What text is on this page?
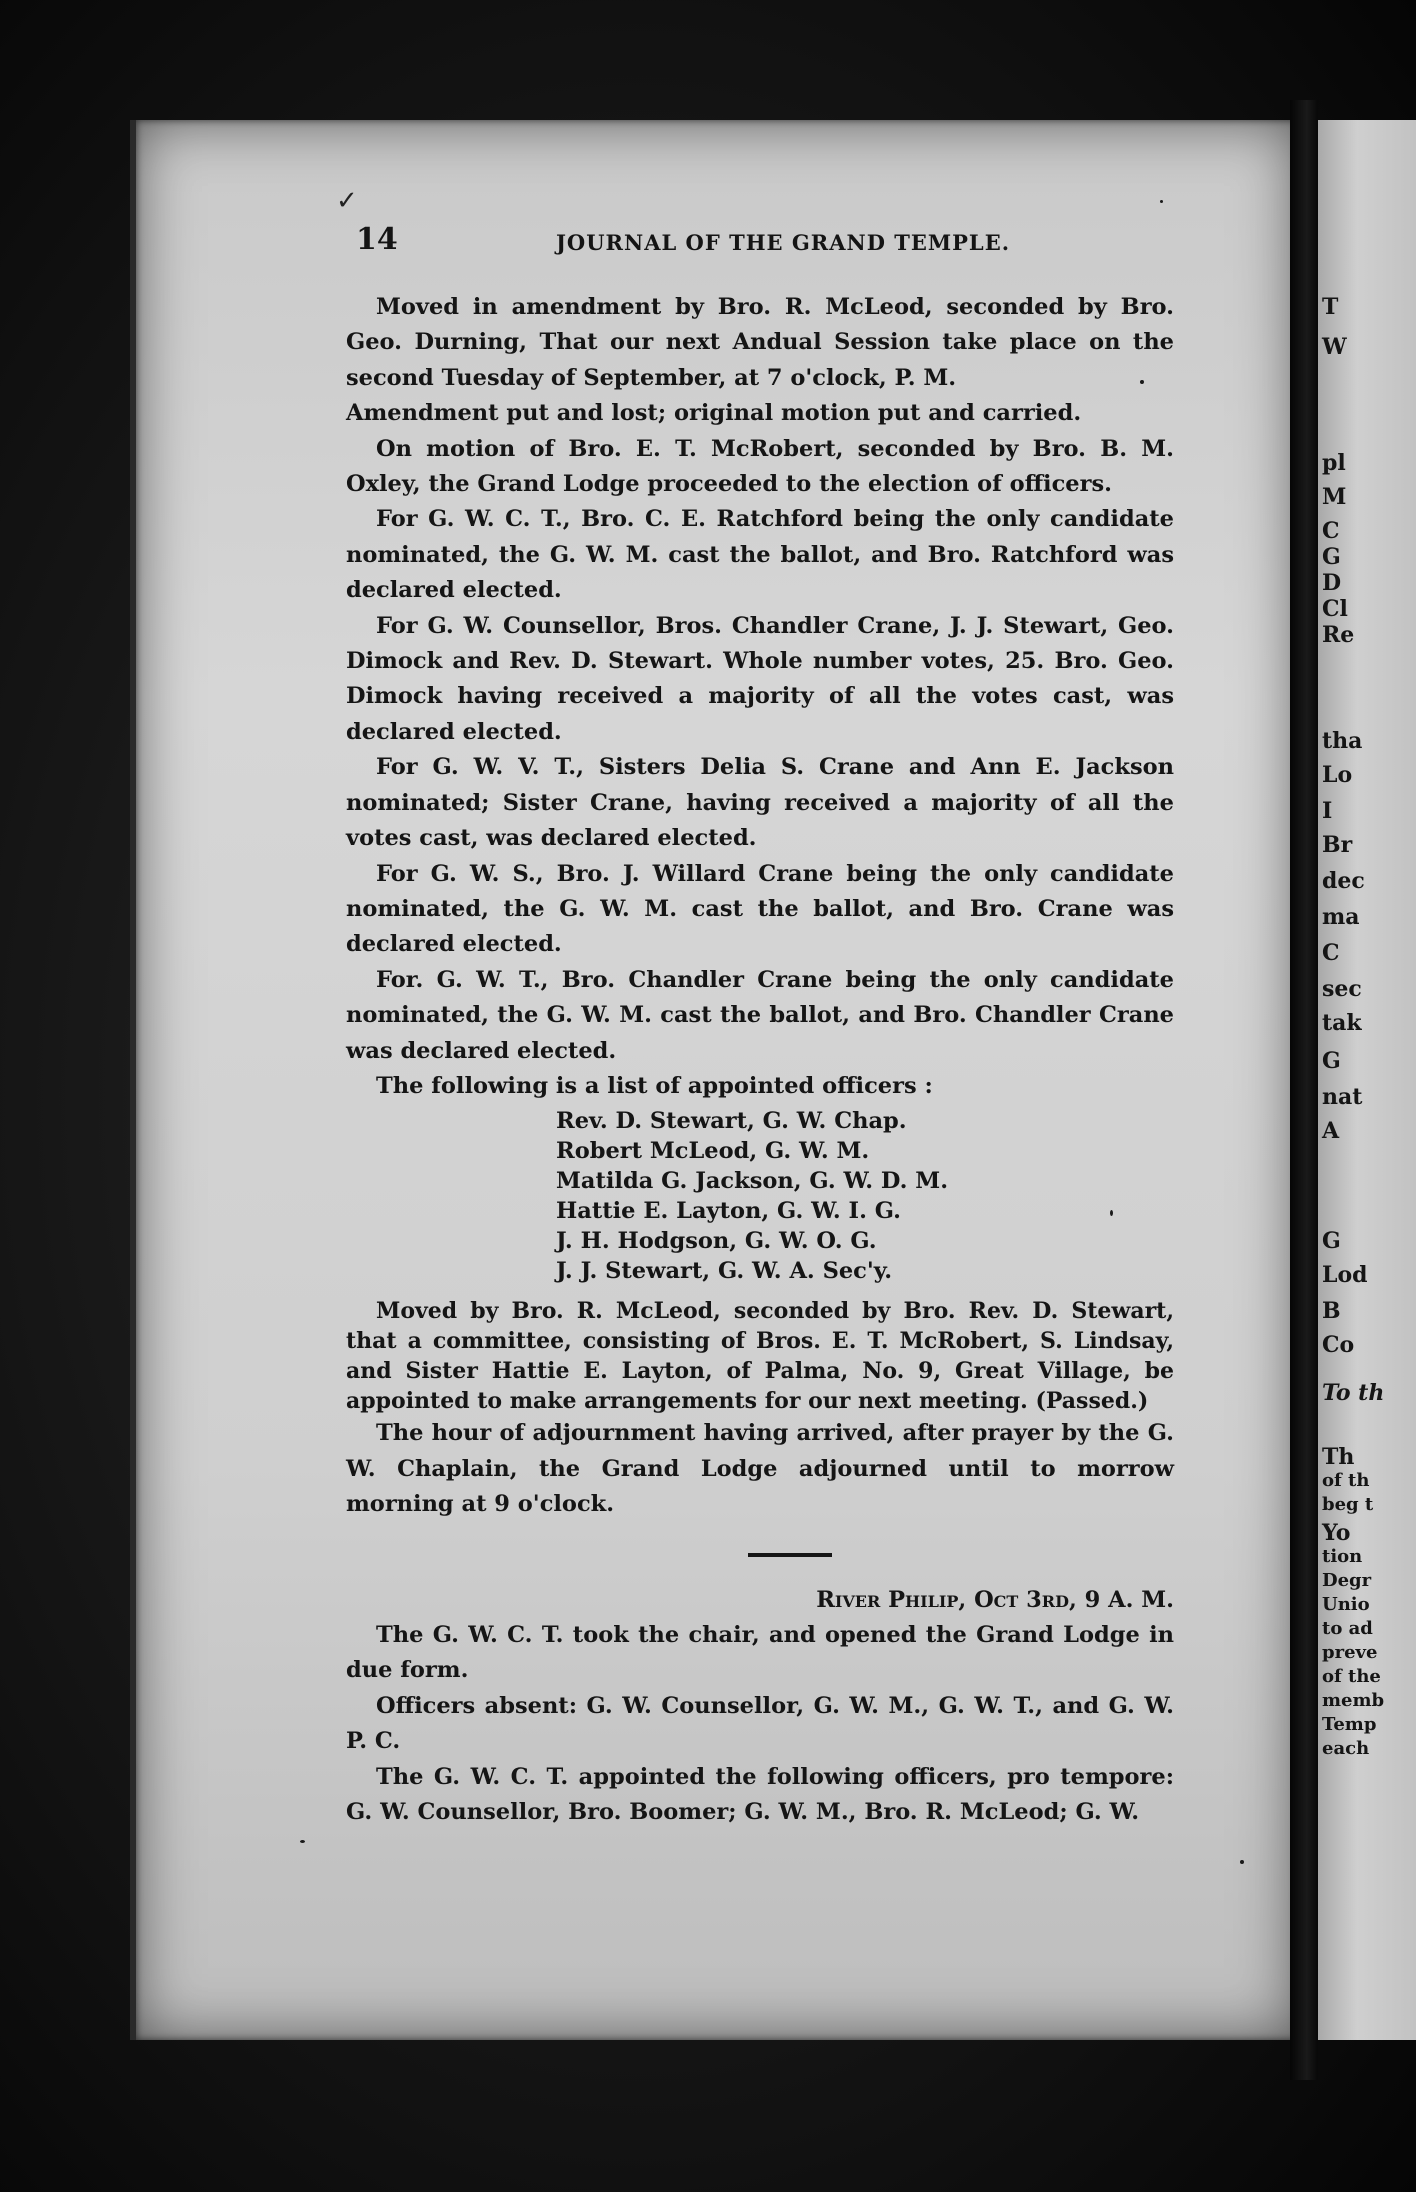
T
W
pl
M
C
G
D
Cl
Re
tha
Lo
I
Br
dec
ma
C
sec
tak
G
nat
A
G
Lod
B
Co
To th
Th
of th
beg t
Yo
tion
Degr
Unio
to ad
preve
of the
memb
Temp
each
✓
14	JOURNAL OF THE GRAND TEMPLE.

Moved in amendment by Bro. R. McLeod, seconded by Bro. Geo. Durning, That our next Andual Session take place on the second Tuesday of September, at 7 o'clock, P. M.

Amendment put and lost; original motion put and carried.

On motion of Bro. E. T. McRobert, seconded by Bro. B. M. Oxley, the Grand Lodge proceeded to the election of officers.

For G. W. C. T., Bro. C. E. Ratchford being the only candidate nominated, the G. W. M. cast the ballot, and Bro. Ratchford was declared elected.

For G. W. Counsellor, Bros. Chandler Crane, J. J. Stewart, Geo. Dimock and Rev. D. Stewart. Whole number votes, 25. Bro. Geo. Dimock having received a majority of all the votes cast, was declared elected.

For G. W. V. T., Sisters Delia S. Crane and Ann E. Jackson nominated; Sister Crane, having received a majority of all the votes cast, was declared elected.

For G. W. S., Bro. J. Willard Crane being the only candidate nominated, the G. W. M. cast the ballot, and Bro. Crane was declared elected.

For. G. W. T., Bro. Chandler Crane being the only candidate nominated, the G. W. M. cast the ballot, and Bro. Chandler Crane was declared elected.

The following is a list of appointed officers :

Rev. D. Stewart, G. W. Chap.
Robert McLeod, G. W. M.
Matilda G. Jackson, G. W. D. M.
Hattie E. Layton, G. W. I. G.
J. H. Hodgson, G. W. O. G.
J. J. Stewart, G. W. A. Sec'y.

Moved by Bro. R. McLeod, seconded by Bro. Rev. D. Stewart, that a committee, consisting of Bros. E. T. McRobert, S. Lindsay, and Sister Hattie E. Layton, of Palma, No. 9, Great Village, be appointed to make arrangements for our next meeting. (Passed.)

The hour of adjournment having arrived, after prayer by the G. W. Chaplain, the Grand Lodge adjourned until to morrow morning at 9 o'clock.

River Philip, Oct 3rd, 9 A. M.

The G. W. C. T. took the chair, and opened the Grand Lodge in due form.

Officers absent: G. W. Counsellor, G. W. M., G. W. T., and G. W. P. C.

The G. W. C. T. appointed the following officers, pro tempore: G. W. Counsellor, Bro. Boomer; G. W. M., Bro. R. McLeod; G. W.
